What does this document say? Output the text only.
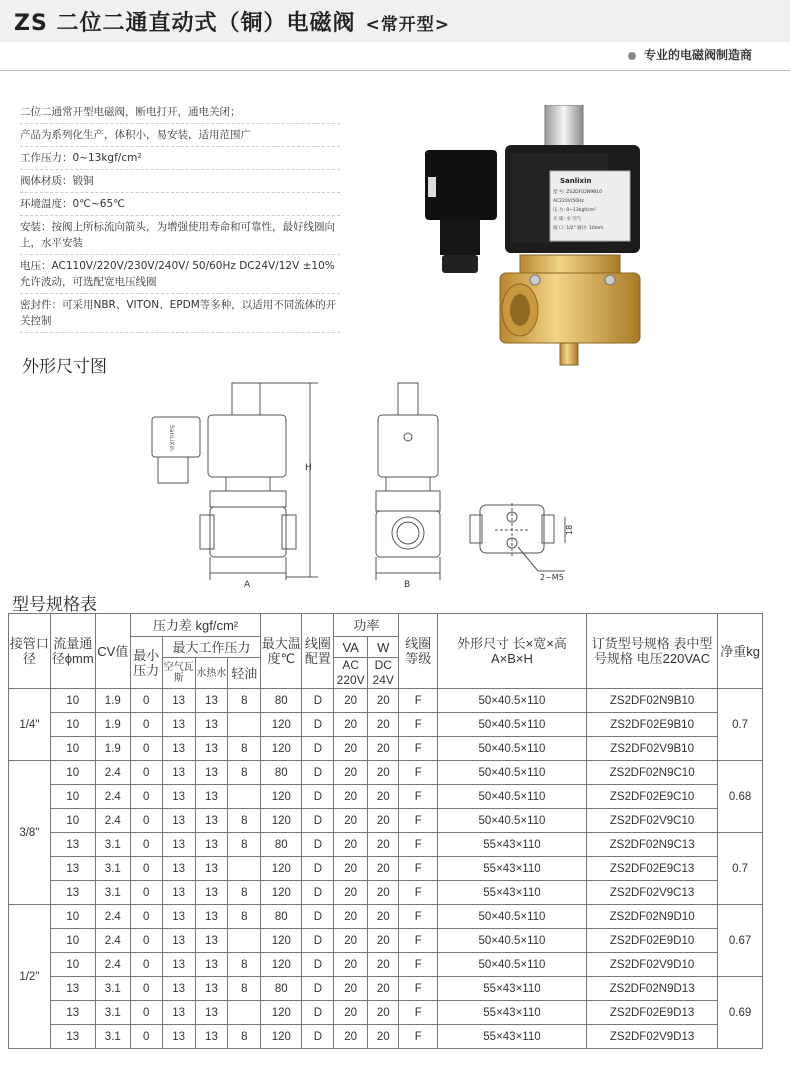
ZS 二位二通直动式（铜）电磁阀 <常开型>
专业的电磁阀制造商
二位二通常开型电磁阀，断电打开，通电关闭；
产品为系列化生产，体积小，易安装，适用范围广
工作压力：0~13kgf/cm²
阀体材质：锻铜
环境温度：0℃~65℃
安装：按阀上所标流向箭头，为增强使用寿命和可靠性，最好线圈向上，水平安装
电压：AC110V/220V/230V/240V/ 50/60Hz DC24V/12V ±10%允许波动，可选配宽电压线圈
密封件：可采用NBR、VITON、EPDM等多种，以适用不同流体的开关控制
Sanlixin
型 号: ZS2DF02N9B10
AC220V/50Hz
压 力: 0~13kgf/cm²
介 质: 水 空气
接 口: 1/2" 通径: 10mm
外形尺寸图
SanLiXin
H
A	B
18
2~M5
型号规格表
接管口径	流量通径ϕmm	CV值	压力差 kgf/cm²				最大温度℃	线圈配置	功率		线圈等级	外形尺寸 长×宽×高 A×B×H	订货型号规格 表中型号规格 电压220VAC	净重kg
			最小压力	最大工作压力					VA	W				
				空气瓦斯	水热水	轻油			AC 220V	DC 24V				
1/4"	10	1.9	0	13	13	8	80	D	20	20	F	50×40.5×110	ZS2DF02N9B10	0.7
	10	1.9	0	13	13		120	D	20	20	F	50×40.5×110	ZS2DF02E9B10	
	10	1.9	0	13	13	8	120	D	20	20	F	50×40.5×110	ZS2DF02V9B10	
3/8"	10	2.4	0	13	13	8	80	D	20	20	F	50×40.5×110	ZS2DF02N9C10	0.68
	10	2.4	0	13	13		120	D	20	20	F	50×40.5×110	ZS2DF02E9C10	
	10	2.4	0	13	13	8	120	D	20	20	F	50×40.5×110	ZS2DF02V9C10	
	13	3.1	0	13	13	8	80	D	20	20	F	55×43×110	ZS2DF02N9C13	0.7
	13	3.1	0	13	13		120	D	20	20	F	55×43×110	ZS2DF02E9C13	
	13	3.1	0	13	13	8	120	D	20	20	F	55×43×110	ZS2DF02V9C13	
1/2"	10	2.4	0	13	13	8	80	D	20	20	F	50×40.5×110	ZS2DF02N9D10	0.67
	10	2.4	0	13	13		120	D	20	20	F	50×40.5×110	ZS2DF02E9D10	
	10	2.4	0	13	13	8	120	D	20	20	F	50×40.5×110	ZS2DF02V9D10	
	13	3.1	0	13	13	8	80	D	20	20	F	55×43×110	ZS2DF02N9D13	0.69
	13	3.1	0	13	13		120	D	20	20	F	55×43×110	ZS2DF02E9D13	
	13	3.1	0	13	13	8	120	D	20	20	F	55×43×110	ZS2DF02V9D13	
